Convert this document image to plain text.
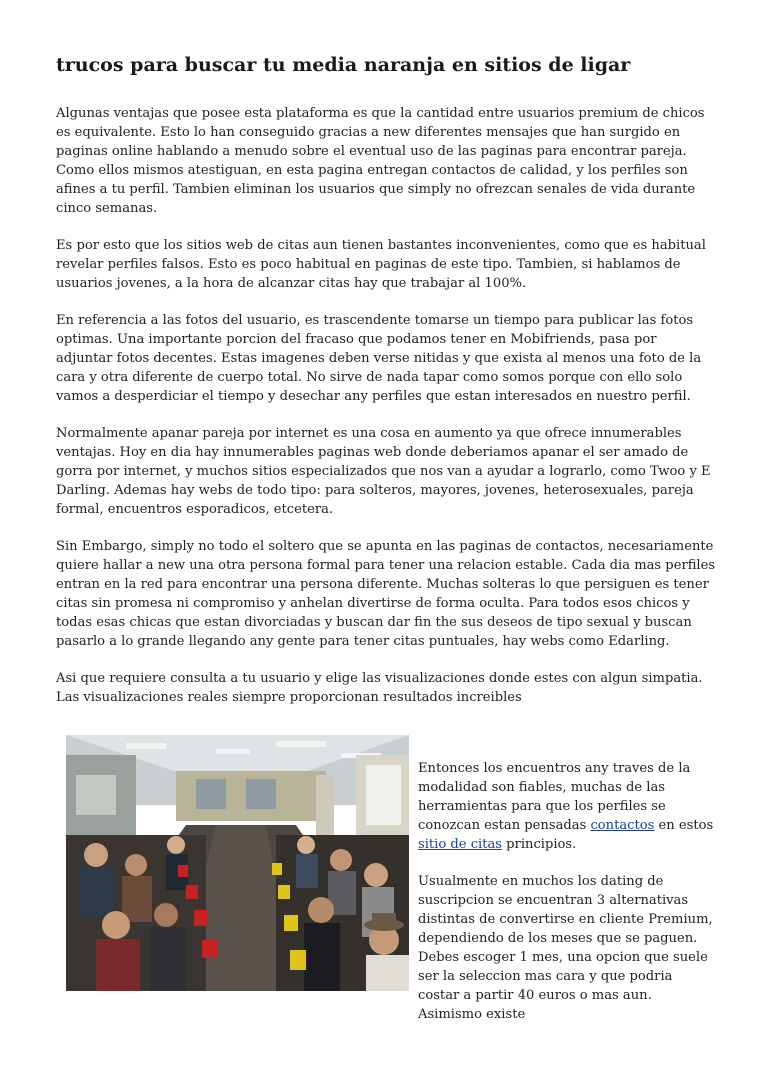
trucos para buscar tu media naranja en sitios de ligar

Algunas ventajas que posee esta plataforma es que la cantidad entre usuarios premium de chicos es equivalente. Esto lo han conseguido gracias a new diferentes mensajes que han surgido en paginas online hablando a menudo sobre el eventual uso de las paginas para encontrar pareja. Como ellos mismos atestiguan, en esta pagina entregan contactos de calidad, y los perfiles son afines a tu perfil. Tambien eliminan los usuarios que simply no ofrezcan senales de vida durante cinco semanas.

Es por esto que los sitios web de citas aun tienen bastantes inconvenientes, como que es habitual revelar perfiles falsos. Esto es poco habitual en paginas de este tipo. Tambien, si hablamos de usuarios jovenes, a la hora de alcanzar citas hay que trabajar al 100%.

En referencia a las fotos del usuario, es trascendente tomarse un tiempo para publicar las fotos optimas. Una importante porcion del fracaso que podamos tener en Mobifriends, pasa por adjuntar fotos decentes. Estas imagenes deben verse nitidas y que exista al menos una foto de la cara y otra diferente de cuerpo total. No sirve de nada tapar como somos porque con ello solo vamos a desperdiciar el tiempo y desechar any perfiles que estan interesados en nuestro perfil.

Normalmente apanar pareja por internet es una cosa en aumento ya que ofrece innumerables ventajas. Hoy en dia hay innumerables paginas web donde deberiamos apanar el ser amado de gorra por internet, y muchos sitios especializados que nos van a ayudar a lograrlo, como Twoo y E Darling. Ademas hay webs de todo tipo: para solteros, mayores, jovenes, heterosexuales, pareja formal, encuentros esporadicos, etcetera.

Sin Embargo, simply no todo el soltero que se apunta en las paginas de contactos, necesariamente quiere hallar a new una otra persona formal para tener una relacion estable. Cada dia mas perfiles entran en la red para encontrar una persona diferente. Muchas solteras lo que persiguen es tener citas sin promesa ni compromiso y anhelan divertirse de forma oculta. Para todos esos chicos y todas esas chicas que estan divorciadas y buscan dar fin the sus deseos de tipo sexual y buscan pasarlo a lo grande llegando any gente para tener citas puntuales, hay webs como Edarling.

Asi que requiere consulta a tu usuario y elige las visualizaciones donde estes con algun simpatia. Las visualizaciones reales siempre proporcionan resultados increibles

Entonces los encuentros any traves de la modalidad son fiables, muchas de las herramientas para que los perfiles se conozcan estan pensadas contactos en estos sitio de citas principios.

Usualmente en muchos los dating de suscripcion se encuentran 3 alternativas distintas de convertirse en cliente Premium, dependiendo de los meses que se paguen. Debes escoger 1 mes, una opcion que suele ser la seleccion mas cara y que podria costar a partir 40 euros o mas aun. Asimismo existe
